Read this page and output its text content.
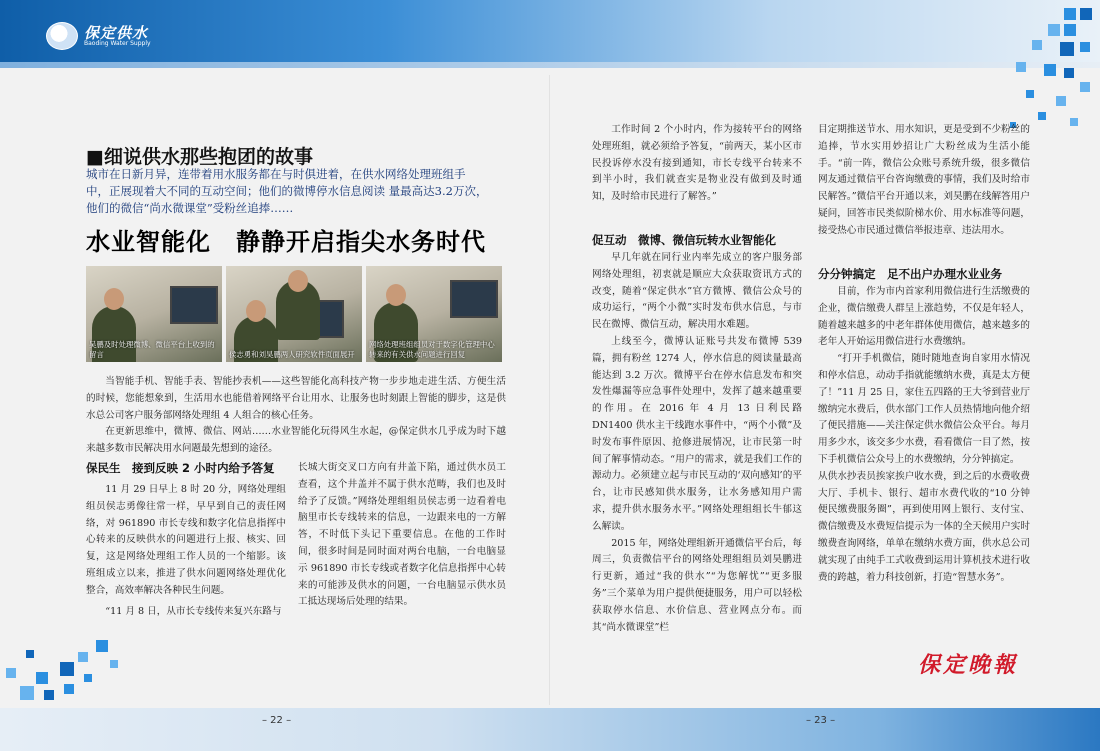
保定供水
Baoding Water Supply
■细说供水那些抱团的故事
城市在日新月异，连带着用水服务都在与时俱进着，在供水网络处理班组手
中，正展现着大不同的互动空间；他们的微博停水信息阅读 量最高达3.2万次，
他们的微信“尚水微课堂”受粉丝追捧……
水业智能化　静静开启指尖水务时代
吴鹏及时处理微博、微信平台上收到的留言	侯志勇和刘昊鹏两人研究软件页面展开
网络处理班组组员对于数字化管理中心转来的有关供水问题进行回复

当智能手机、智能手表、智能抄表机——这些智能化高科技产物一步步地走进生活、方便生活的时候，您能想象到，生活用水也能借着网络平台让用水、让服务也时刻跟上智能的脚步，这是供水总公司客户服务部网络处理组 4 人组合的核心任务。

在更新思维中，微博、微信、网站……水业智能化玩得风生水起，@保定供水几乎成为时下越来越多数市民解决用水问题最先想到的途径。

保民生　接到反映 2 小时内给予答复

11 月 29 日早上 8 时 20 分，网络处理组组员侯志勇像往常一样，早早到自己的责任网络，对 961890 市长专线和数字化信息指挥中心转来的反映供水的问题进行上报、核实、回复，这是网络处理组工作人员的一个缩影。该班组成立以来，推进了供水问题网络处理优化整合，高效率解决各种民生问题。

“11 月 8 日，从市长专线传来复兴东路与

长城大街交叉口方向有井盖下陷，通过供水员工查看，这个井盖并不属于供水范畴，我们也及时给予了反馈。”网络处理组组员侯志勇一边看着电脑里市长专线转来的信息，一边跟来电的一方解答，不时低下头记下重要信息。在他的工作时间，很多时间是同时面对两台电脑，一台电脑显示 961890 市长专线或者数字化信息指挥中心转来的可能涉及供水的问题，一台电脑显示供水员工抵达现场后处理的结果。

工作时间 2 个小时内，作为接转平台的网络处理班组，就必须给予答复，“前两天，某小区市民投诉停水没有接到通知，市长专线平台转来不到半小时，我们就查实是物业没有做到及时通知，及时给市民进行了解答。”

促互动　微博、微信玩转水业智能化

早几年就在同行业内率先成立的客户服务部网络处理组，初衷就是顺应大众获取资讯方式的改变，随着“保定供水”官方微博、微信公众号的成功运行，“两个小微”实时发布供水信息，与市民在微博、微信互动，解决用水难题。

上线至今，微博认证账号共发布微博 539 篇，拥有粉丝 1274 人，停水信息的阅读量最高能达到 3.2 万次。微博平台在停水信息发布和突发性爆漏等应急事件处理中，发挥了越来越重要的作用。在 2016 年 4 月 13 日利民路 DN1400 供水主干线跑水事件中，“两个小微”及时发布事件原因、抢修进展情况，让市民第一时间了解事情动态。“用户的需求，就是我们工作的源动力。必须建立起与市民互动的‘双向感知’的平台，让市民感知供水服务，让水务感知用户需求，提升供水服务水平。”网络处理组组长牛郁这么解读。

2015 年，网络处理组新开通微信平台后，每周三，负责微信平台的网络处理组组员刘昊鹏进行更新，通过“我的供水”“为您解忧”“更多服务”三个菜单为用户提供便捷服务，用户可以轻松获取停水信息、水价信息、营业网点分布。而其“尚水微课堂”栏

目定期推送节水、用水知识，更是受到不少粉丝的追捧，节水实用妙招让广大粉丝成为生活小能手。“前一阵，微信公众账号系统升级，很多微信网友通过微信平台咨询缴费的事情，我们及时给市民解答。”微信平台开通以来，刘昊鹏在线解答用户疑问，回答市民类似阶梯水价、用水标准等问题，接受热心市民通过微信举报违章、违法用水。

分分钟搞定　足不出户办理水业业务

目前，作为市内首家利用微信进行生活缴费的企业，微信缴费人群呈上涨趋势，不仅是年轻人，随着越来越多的中老年群体使用微信，越来越多的老年人开始运用微信进行水费缴纳。

“打开手机微信，随时随地查询自家用水情况和停水信息，动动手指就能缴纳水费，真是太方便了！”11 月 25 日，家住五四路的王大爷到营业厅缴纳完水费后，供水部门工作人员热情地向他介绍了便民措施——关注保定供水微信公众平台。每月用多少水，该交多少水费，看看微信一目了然，按下手机微信公众号上的水费缴纳，分分钟搞定。

从供水抄表员挨家挨户收水费，到之后的水费收费大厅、手机卡、银行、超市水费代收的“10 分钟便民缴费服务圈”，再到使用网上银行、支付宝、微信缴费及水费短信提示为一体的全天候用户实时缴费查询网络，单单在缴纳水费方面，供水总公司就实现了由纯手工式收费到运用计算机技术进行收费的跨越，着力科技创新，打造“智慧水务”。

保定晚報
– 22 –	– 23 –
